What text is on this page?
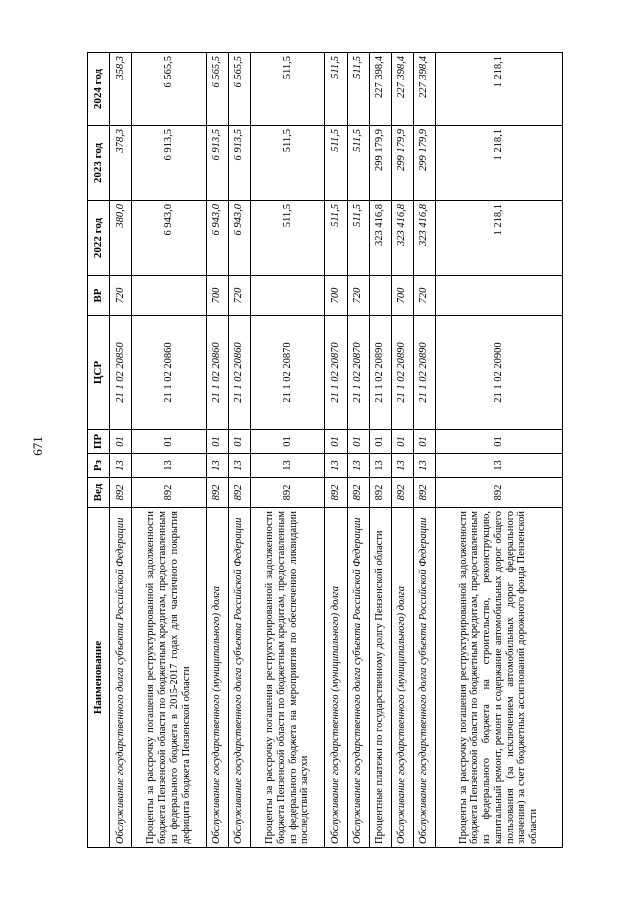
671
Наименование	Вед	Рз	ПР	ЦСР	ВР	2022 год	2023 год	2024 год
Обслуживание государственного долга субъекта Российской Федерации	892	13	01	21 1 02 20850	720	380,0	378,3	358,3
Проценты за рассрочку погашения реструктурированной задолженности бюджета Пензенской области по бюджетным кредитам, предоставленным из федерального бюджета в 2015-2017 годах для частичного покрытия дефицита бюджета Пензенской области	892	13	01	21 1 02 20860		6 943,0	6 913,5	6 565,5
Обслуживание государственного (муниципального) долга	892	13	01	21 1 02 20860	700	6 943,0	6 913,5	6 565,5
Обслуживание государственного долга субъекта Российской Федерации	892	13	01	21 1 02 20860	720	6 943,0	6 913,5	6 565,5
Проценты за рассрочку погашения реструктурированной задолженности бюджета Пензенской области по бюджетным кредитам, предоставленным из федерального бюджета на мероприятия по обеспечению ликвидации последствий засухи	892	13	01	21 1 02 20870		511,5	511,5	511,5
Обслуживание государственного (муниципального) долга	892	13	01	21 1 02 20870	700	511,5	511,5	511,5
Обслуживание государственного долга субъекта Российской Федерации	892	13	01	21 1 02 20870	720	511,5	511,5	511,5
Процентные платежи по государственному долгу Пензенской области	892	13	01	21 1 02 20890		323 416,8	299 179,9	227 398,4
Обслуживание государственного (муниципального) долга	892	13	01	21 1 02 20890	700	323 416,8	299 179,9	227 398,4
Обслуживание государственного долга субъекта Российской Федерации	892	13	01	21 1 02 20890	720	323 416,8	299 179,9	227 398,4
Проценты за рассрочку погашения реструктурированной задолженности бюджета Пензенской области по бюджетным кредитам, предоставленным из федерального бюджета на строительство, реконструкцию, капитальный ремонт, ремонт и содержание автомобильных дорог общего пользования (за исключением автомобильных дорог федерального значения) за счет бюджетных ассигнований дорожного фонда Пензенской области	892	13	01	21 1 02 20900		1 218,1	1 218,1	1 218,1
